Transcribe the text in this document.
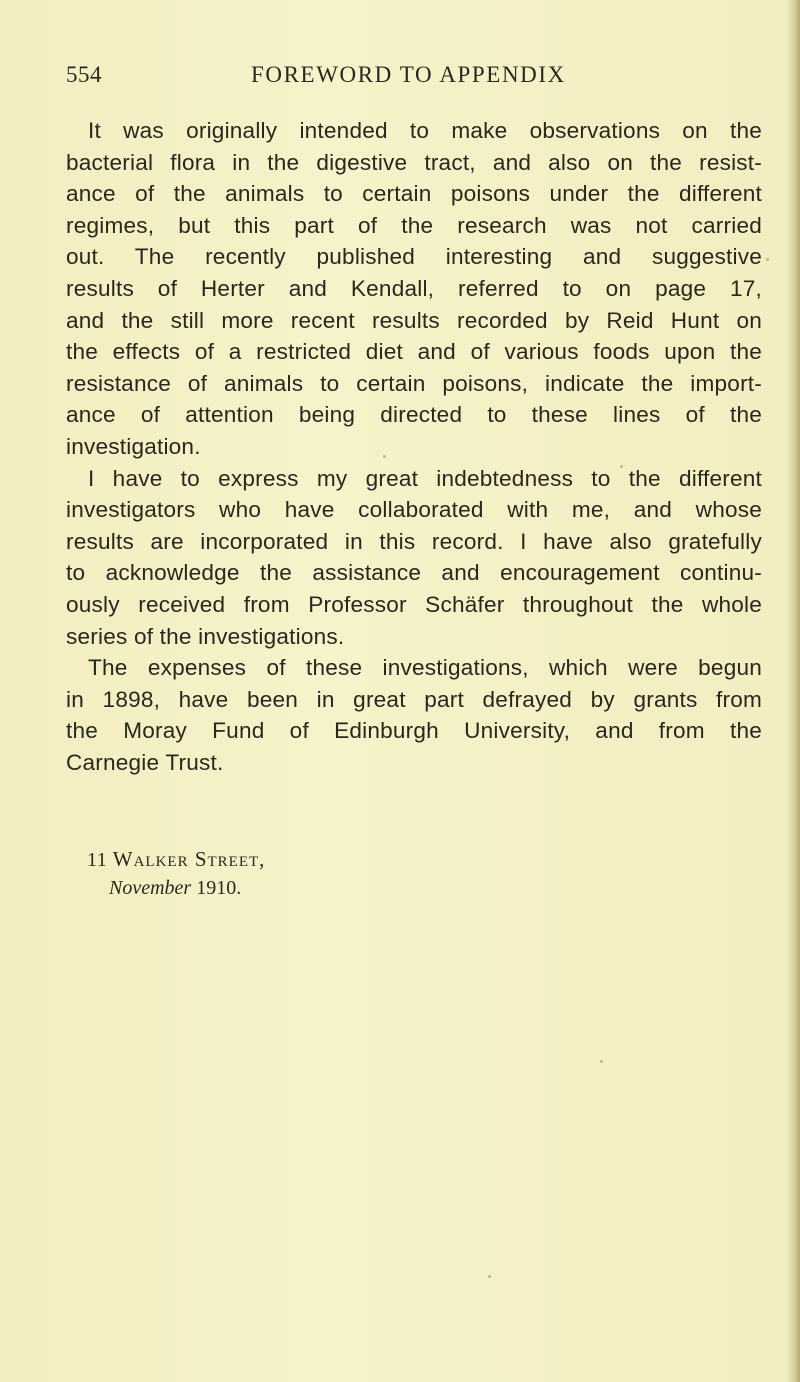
554	FOREWORD TO APPENDIX

It was originally intended to make observations on the
bacterial flora in the digestive tract, and also on the resist-
ance of the animals to certain poisons under the different
regimes, but this part of the research was not carried
out. The recently published interesting and suggestive
results of Herter and Kendall, referred to on page 17,
and the still more recent results recorded by Reid Hunt on
the effects of a restricted diet and of various foods upon the
resistance of animals to certain poisons, indicate the import-
ance of attention being directed to these lines of the
investigation.

I have to express my great indebtedness to the different
investigators who have collaborated with me, and whose
results are incorporated in this record. I have also gratefully
to acknowledge the assistance and encouragement continu-
ously received from Professor Schäfer throughout the whole
series of the investigations.

The expenses of these investigations, which were begun
in 1898, have been in great part defrayed by grants from
the Moray Fund of Edinburgh University, and from the
Carnegie Trust.

11 Walker Street,
November 1910.
